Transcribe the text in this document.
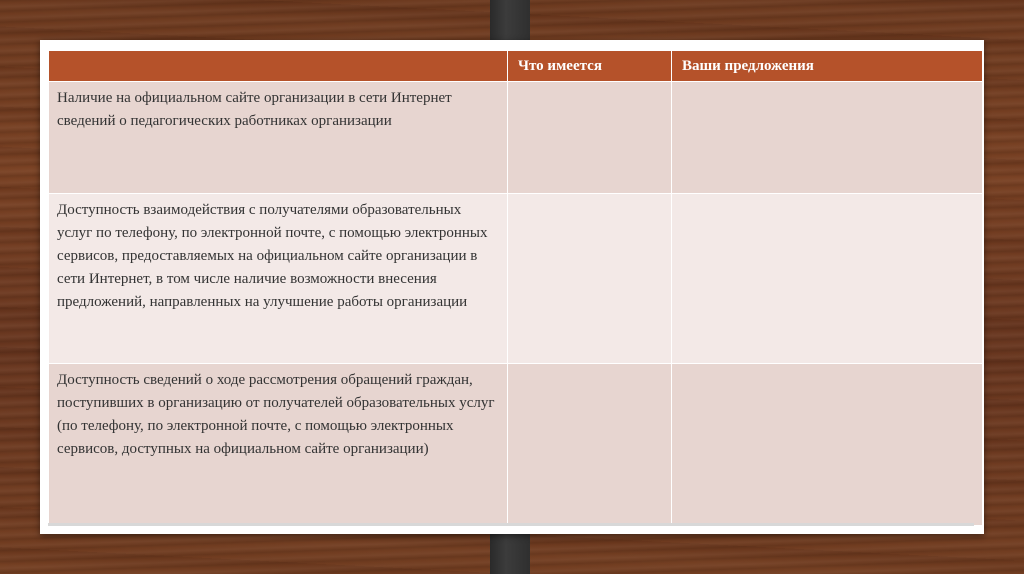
	Что имеется	Ваши предложения
Наличие на официальном сайте организации в сети Интернет сведений о педагогических работниках организации		
Доступность взаимодействия с получателями образовательных услуг по телефону, по электронной почте, с помощью электронных сервисов, предоставляемых на официальном сайте организации в сети Интернет, в том числе наличие возможности внесения предложений, направленных на улучшение работы организации		
Доступность сведений о ходе рассмотрения обращений граждан, поступивших в организацию от получателей образовательных услуг (по телефону, по электронной почте, с помощью электронных сервисов, доступных на официальном сайте организации)		
